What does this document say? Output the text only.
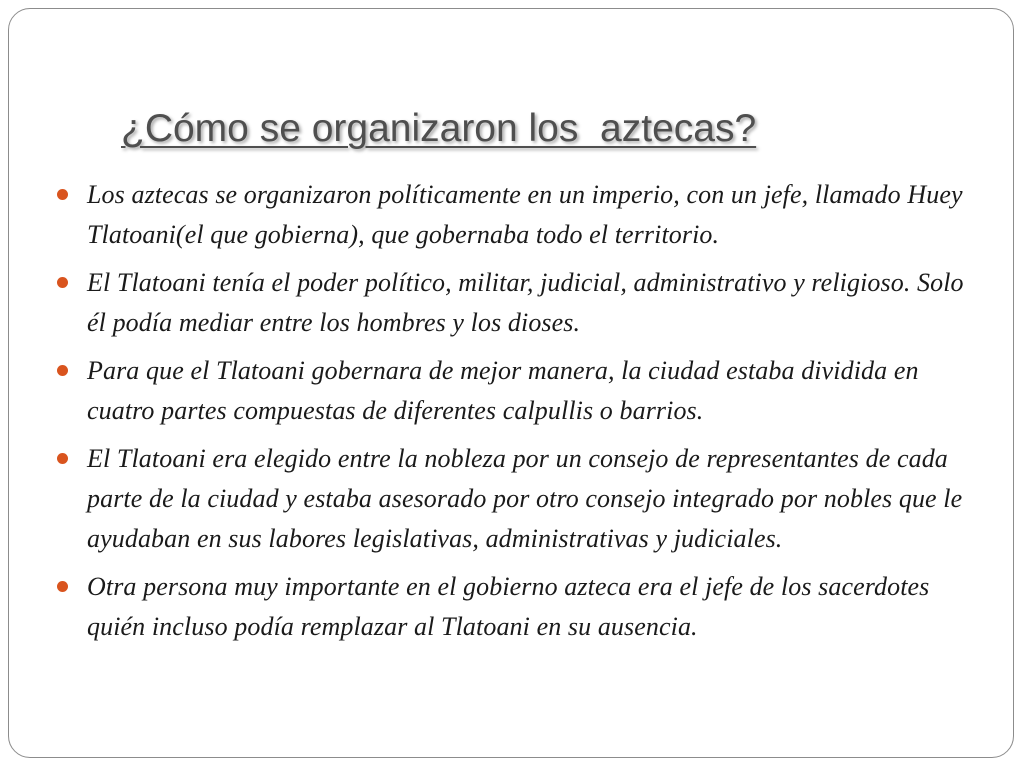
¿Cómo se organizaron los  aztecas?
Los aztecas se organizaron políticamente en un imperio, con un jefe, llamado Huey Tlatoani(el que gobierna), que gobernaba todo el territorio.
El Tlatoani tenía el poder político, militar, judicial, administrativo y religioso. Solo él podía mediar entre los hombres y los dioses.
Para que el Tlatoani gobernara de mejor manera, la ciudad estaba dividida en cuatro partes compuestas de diferentes calpullis o barrios.
El Tlatoani era elegido entre la nobleza por un consejo de representantes de cada parte de la ciudad y estaba asesorado por otro consejo integrado por nobles que le ayudaban en sus labores legislativas, administrativas y judiciales.
Otra persona muy importante en el gobierno azteca era el jefe de los sacerdotes quién incluso podía remplazar al Tlatoani en su ausencia.
